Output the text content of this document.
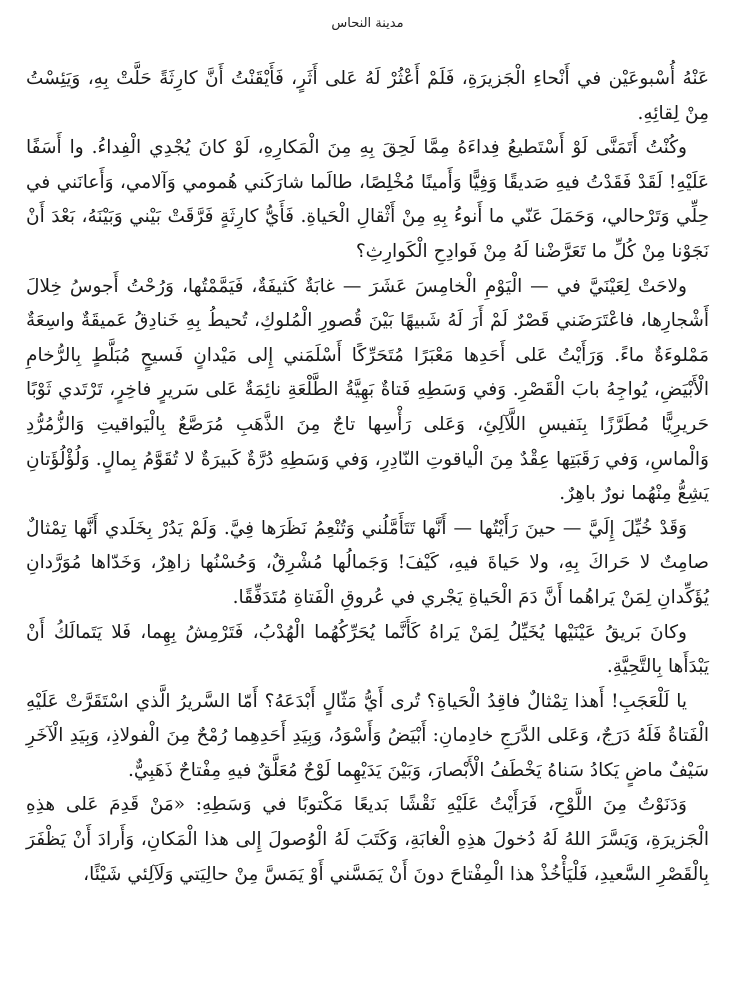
مدينة النحاس

عَنْهُ أُسْبوعَيْن في أَنْحاءِ الْجَزيرَةِ، فَلَمْ أَعْثُرْ لَهُ عَلى أَثَرٍ، فَأَيْقَنْتُ أَنَّ كارِثَةً حَلَّتْ بِهِ، وَيَئِسْتُ مِنْ لِقائِهِ.

وكُنْتُ أَتَمَنَّى لَوْ أَسْتَطيعُ فِداءَهُ مِمَّا لَحِقَ بِهِ مِنَ الْمَكارِهِ، لَوْ كانَ يُجْدِي الْفِداءُ. وا أَسَفًا عَلَيْهِ! لَقَدْ فَقَدْتُ فيهِ صَديقًا وَفِيًّا وَأَمينًا مُخْلِصًا، طالَما شارَكَني هُمومي وَآلامي، وَأَعانَني في حِلِّي وَتَرْحالي، وَحَمَلَ عَنّي ما أَنوءُ بِهِ مِنْ أَثْقالِ الْحَياةِ. فَأَيُّ كارِثَةٍ فَرَّقَتْ بَيْني وَبَيْنَهُ، بَعْدَ أَنْ نَجَوْنا مِنْ كُلِّ ما تَعَرَّضْنا لَهُ مِنْ فَوادِحِ الْكَوارِثِ؟

ولاحَتْ لِعَيْنَيَّ في — الْيَوْمِ الْخامِسَ عَشَرَ — غابَةٌ كَثيفَةٌ، فَيَمَّمْتُها، وَرُحْتُ أَجوسُ خِلالَ أَشْجارِها، فاعْتَرَضَني قَصْرٌ لَمْ أَرَ لَهُ شَبيهًا بَيْنَ قُصورِ الْمُلوكِ، تُحيطُ بِهِ خَنادِقُ عَميقَةٌ واسِعَةٌ مَمْلوءَةٌ ماءً. وَرَأَيْتُ عَلى أَحَدِها مَعْبَرًا مُتَحَرِّكًا أَسْلَمَني إِلى مَيْدانٍ فَسيحٍ مُبَلَّطٍ بِالرُّخامِ الْأَبْيَضِ، يُواجِهُ بابَ الْقَصْرِ. وَفي وَسَطِهِ فَتاةٌ بَهِيَّةُ الطَّلْعَةِ نائِمَةٌ عَلى سَريرٍ فاخِرٍ، تَرْتَدي ثَوْبًا حَريرِيًّا مُطَرَّزًا بِنَفيسِ اللَّآلِئِ، وَعَلى رَأْسِها تاجٌ مِنَ الذَّهَبِ مُرَصَّعٌ بِالْيَواقيتِ وَالزُّمُرُّدِ وَالْماسِ، وَفي رَقَبَتِها عِقْدٌ مِنَ الْياقوتِ النّادِرِ، وَفي وَسَطِهِ دُرَّةٌ كَبيرَةٌ لا تُقَوَّمُ بِمالٍ. وَلُؤْلُؤَتانِ يَشِعُّ مِنْهُما نورٌ باهِرٌ.

وَقَدْ خُيِّلَ إِلَيَّ — حينَ رَأَيْتُها — أَنَّها تَتَأَمَّلُني وَتُنْعِمُ نَظَرَها فِيَّ. وَلَمْ يَدُرْ بِخَلَدي أَنَّها تِمْثالٌ صامِتٌ لا حَراكَ بِهِ، ولا حَياةَ فيهِ، كَيْفَ! وَجَمالُها مُشْرِقٌ، وَحُسْنُها زاهِرٌ، وَخَدّاها مُوَرَّدانِ يُؤَكِّدانِ لِمَنْ يَراهُما أَنَّ دَمَ الْحَياةِ يَجْري في عُروقِ الْفَتاةِ مُتَدَفِّقًا.

وكانَ بَريقُ عَيْنَيْها يُخَيِّلُ لِمَنْ يَراهُ كَأَنَّما يُحَرِّكُهُما الْهُدْبُ، فَتَرْمِشُ بِهِما، فَلا يَتَمالَكُ أَنْ يَبْدَأَها بِالتَّحِيَّةِ.

يا لَلْعَجَبِ! أَهذا تِمْثالٌ فاقِدُ الْحَياةِ؟ تُرى أَيُّ مَثّالٍ أَبْدَعَهُ؟ أَمّا السَّريرُ الَّذي اسْتَقَرَّتْ عَلَيْهِ الْفَتاةُ فَلَهُ دَرَجٌ، وَعَلى الدَّرَجِ خادِمانِ: أَبْيَضُ وَأَسْوَدُ، وَبِيَدِ أَحَدِهِما رُمْحٌ مِنَ الْفولاذِ، وَبِيَدِ الْآخَرِ سَيْفٌ ماضٍ يَكادُ سَناهُ يَخْطَفُ الْأَبْصارَ، وَبَيْنَ يَدَيْهِما لَوْحٌ مُعَلَّقٌ فيهِ مِفْتاحٌ ذَهَبِيٌّ.

وَدَنَوْتُ مِنَ اللَّوْحِ، فَرَأَيْتُ عَلَيْهِ نَقْشًا بَديعًا مَكْتوبًا في وَسَطِهِ: «مَنْ قَدِمَ عَلى هذِهِ الْجَزيرَةِ، وَيَسَّرَ اللهُ لَهُ دُخولَ هذِهِ الْغابَةِ، وَكَتَبَ لَهُ الْوُصولَ إِلى هذا الْمَكانِ، وَأَرادَ أَنْ يَظْفَرَ بِالْقَصْرِ السَّعيدِ، فَلْيَأْخُذْ هذا الْمِفْتاحَ دونَ أَنْ يَمَسَّني أَوْ يَمَسَّ مِنْ حالِيَتي وَلَآلِئي شَيْئًا،
